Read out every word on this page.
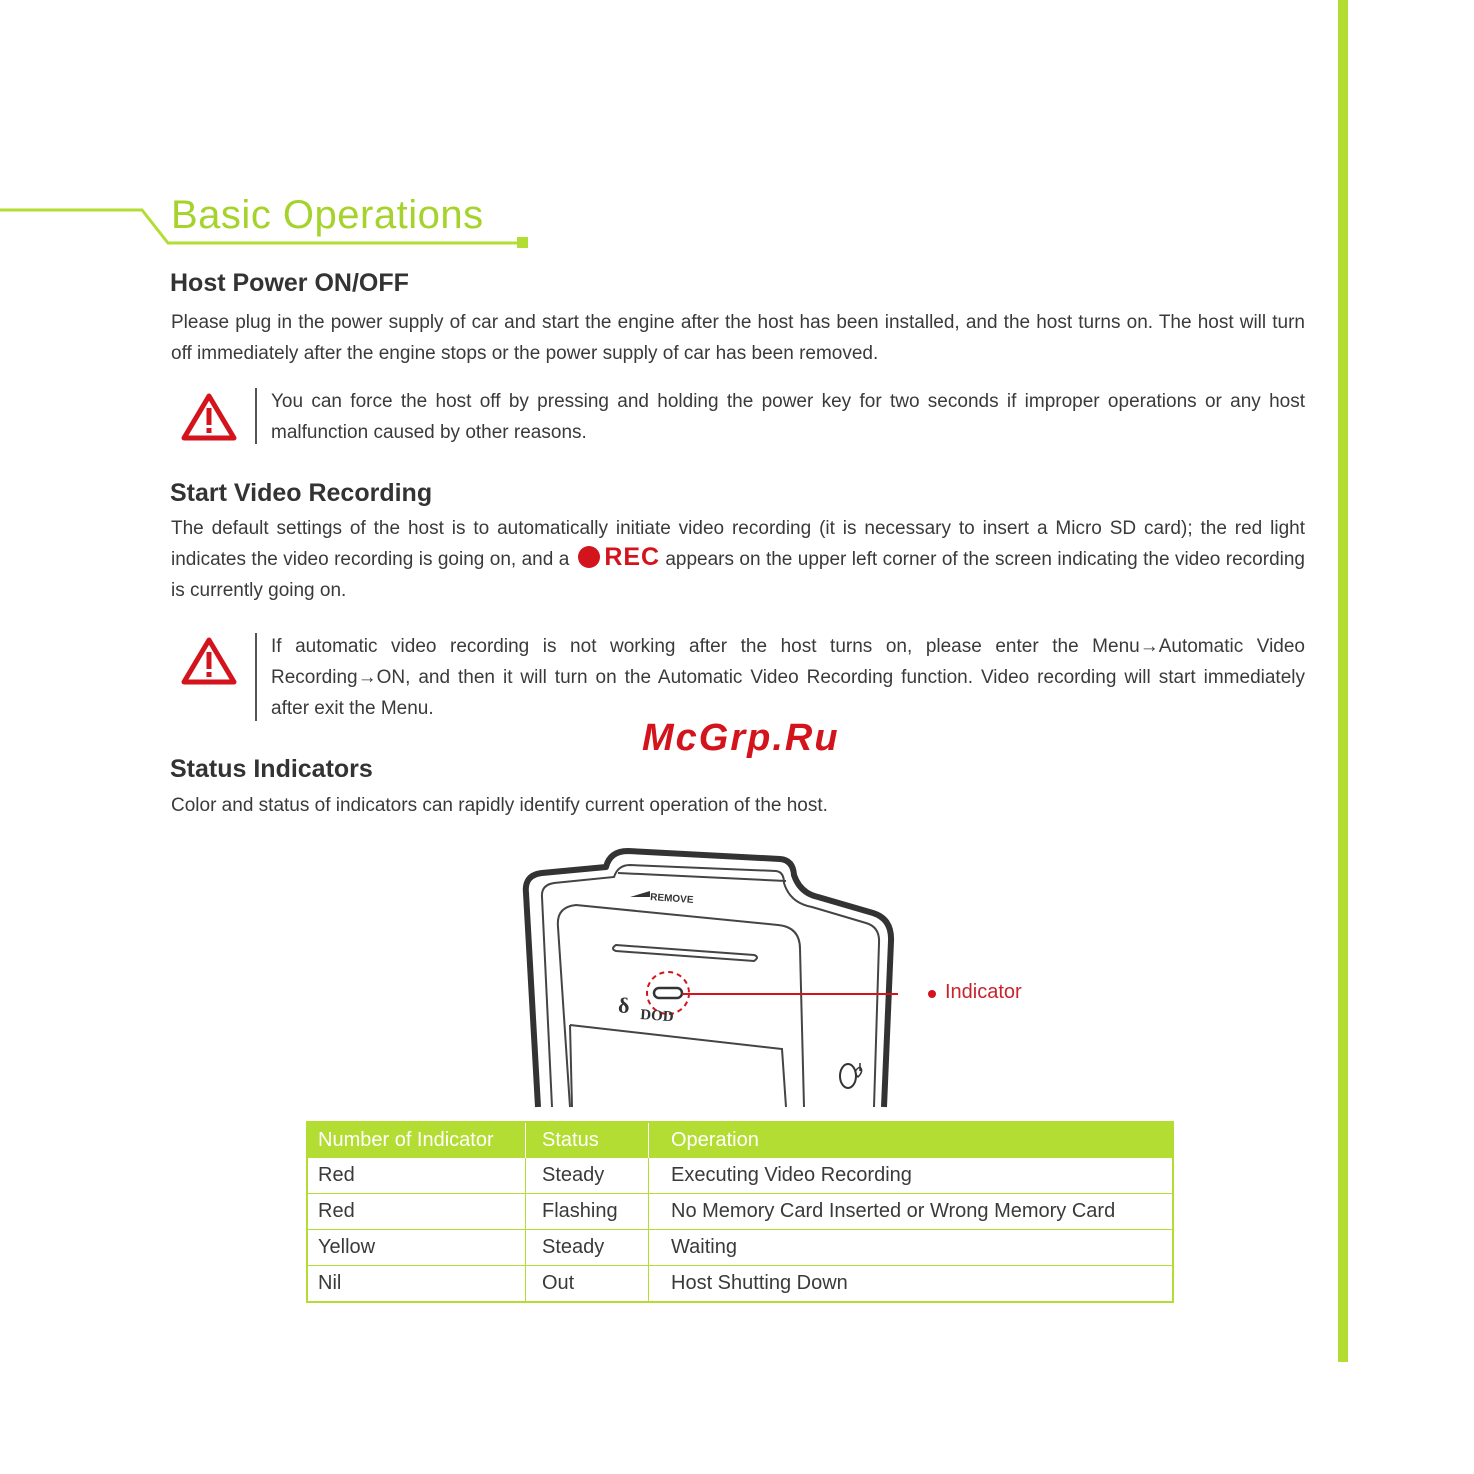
Basic Operations
Host Power ON/OFF

Please plug in the power supply of car and start the engine after the host has been installed, and the host turns on. The host will turn off immediately after the engine stops or the power supply of car has been removed.

You can force the host off by pressing and holding the power key for two seconds if improper operations or any host malfunction caused by other reasons.

Start Video Recording

The default settings of the host is to automatically initiate video recording (it is necessary to insert a Micro SD card); the red light indicates the video recording is going on, and a REC appears on the upper left corner of the screen indicating the video recording is currently going on.

If automatic video recording is not working after the host turns on, please enter the Menu→Automatic Video Recording→ON, and then it will turn on the Automatic Video Recording function. Video recording will start immediately after exit the Menu.

McGrp.Ru
Status Indicators

Color and status of indicators can rapidly identify current operation of the host.

REMOVE
δ DOD
Indicator
Number of Indicator	Status	Operation
Red	Steady	Executing Video Recording
Red	Flashing	No Memory Card Inserted or Wrong Memory Card
Yellow	Steady	Waiting
Nil	Out	Host Shutting Down
